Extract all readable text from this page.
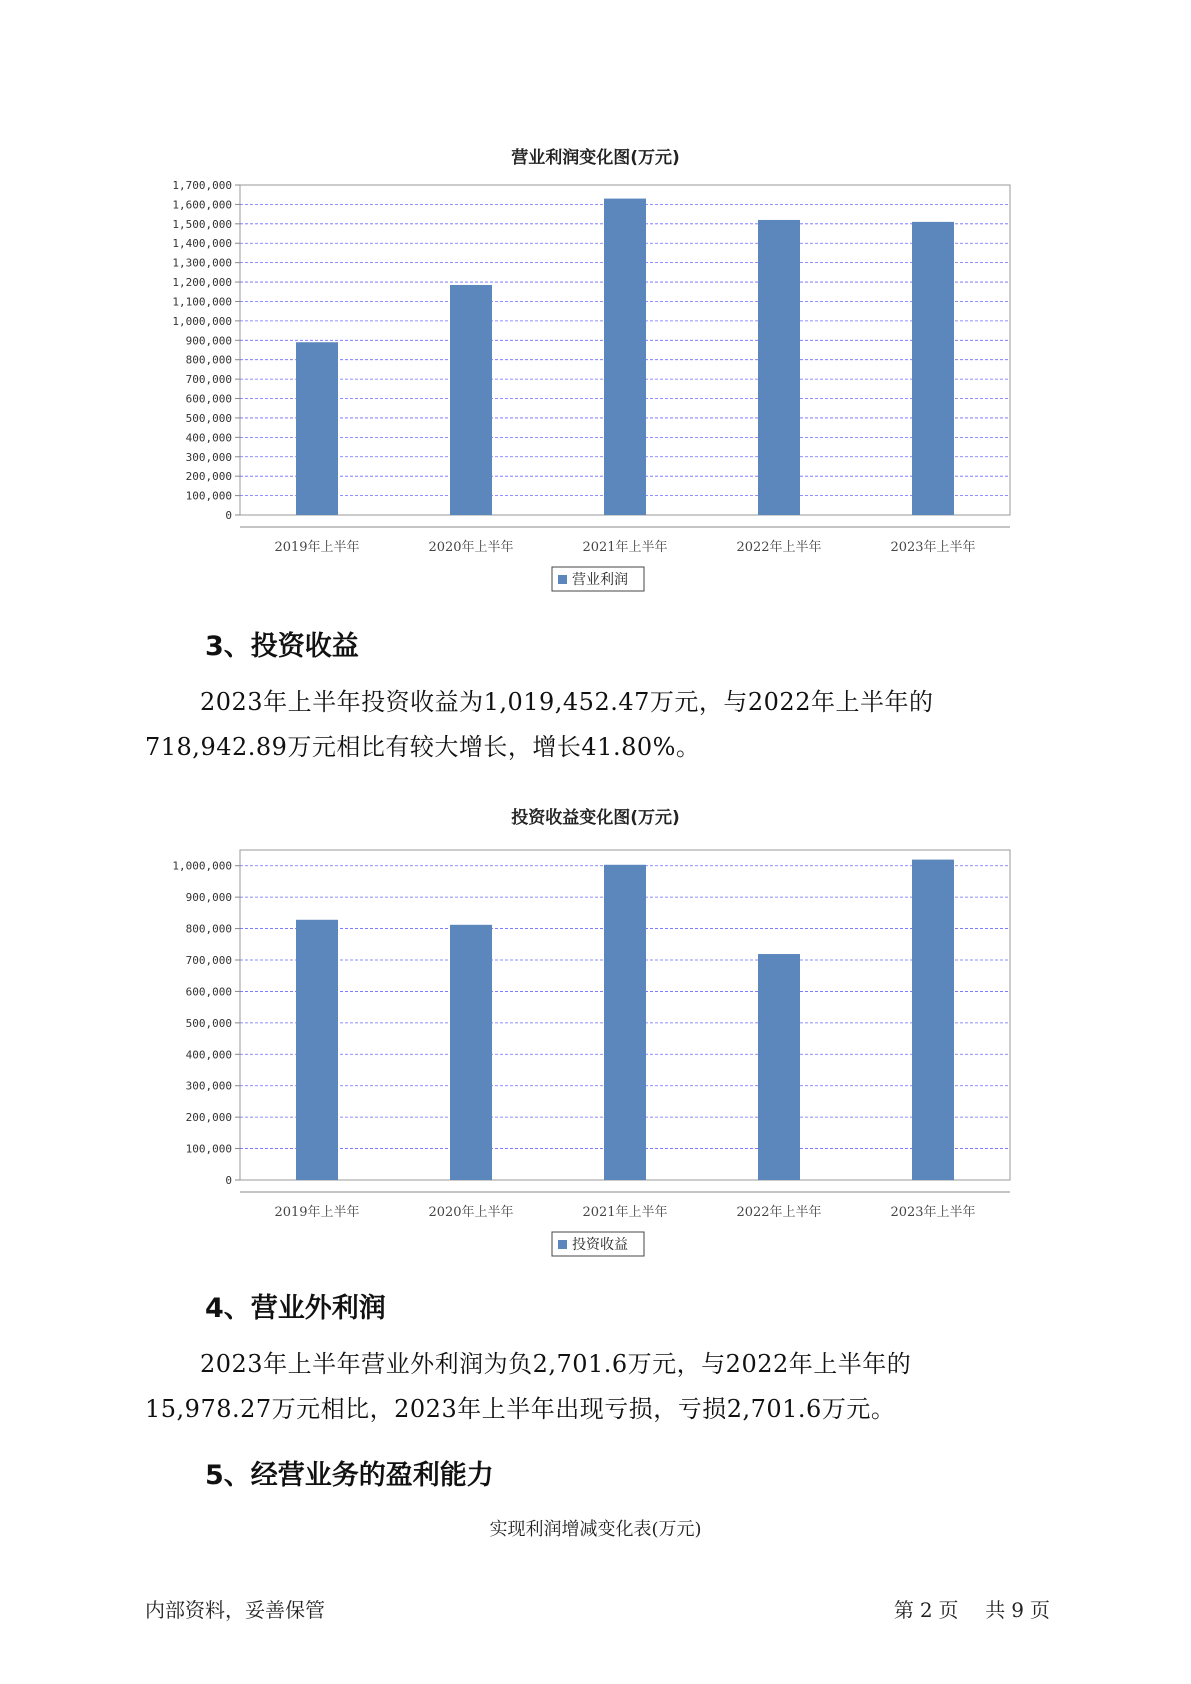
营业利润变化图(万元)
0
100,000
200,000
300,000
400,000
500,000
600,000
700,000
800,000
900,000
1,000,000
1,100,000
1,200,000
1,300,000
1,400,000
1,500,000
1,600,000
1,700,000
2019年上半年	2020年上半年	2021年上半年	2022年上半年	2023年上半年
营业利润
3、投资收益
2023年上半年投资收益为1,019,452.47万元，与2022年上半年的
718,942.89万元相比有较大增长，增长41.80%。
投资收益变化图(万元)
0
100,000
200,000
300,000
400,000
500,000
600,000
700,000
800,000
900,000
1,000,000
2019年上半年	2020年上半年	2021年上半年	2022年上半年	2023年上半年
投资收益
4、营业外利润
2023年上半年营业外利润为负2,701.6万元，与2022年上半年的
15,978.27万元相比，2023年上半年出现亏损，亏损2,701.6万元。
5、经营业务的盈利能力
实现利润增减变化表(万元)
内部资料，妥善保管	第 2 页 共 9 页
